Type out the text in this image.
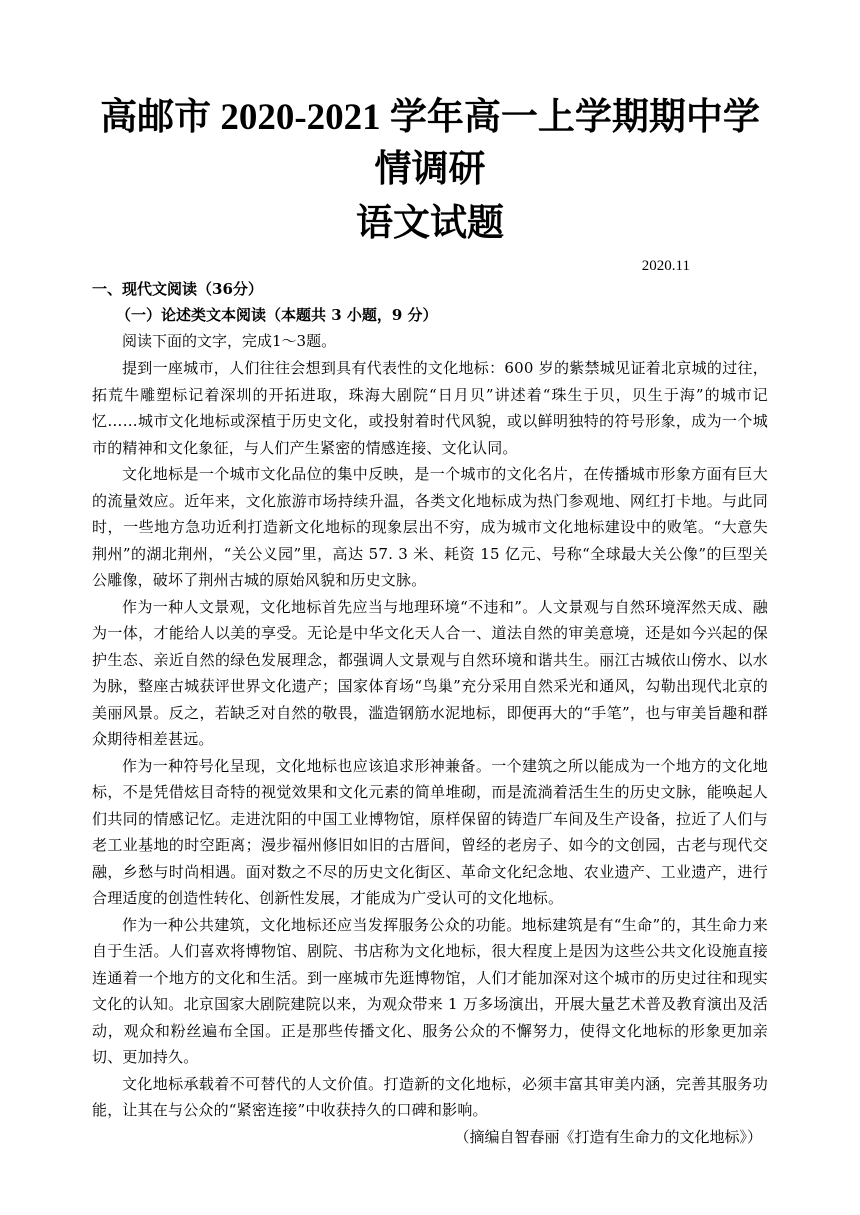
高邮市 2020-2021 学年高一上学期期中学
情调研
语文试题
2020.11

一、现代文阅读（36分）

（一）论述类文本阅读（本题共 3 小题，9 分）

阅读下面的文字，完成1～3题。

提到一座城市，人们往往会想到具有代表性的文化地标：600 岁的紫禁城见证着北京城的过往，拓荒牛雕塑标记着深圳的开拓进取，珠海大剧院“日月贝”讲述着“珠生于贝，贝生于海”的城市记忆……城市文化地标或深植于历史文化，或投射着时代风貌，或以鲜明独特的符号形象，成为一个城市的精神和文化象征，与人们产生紧密的情感连接、文化认同。

文化地标是一个城市文化品位的集中反映，是一个城市的文化名片，在传播城市形象方面有巨大的流量效应。近年来，文化旅游市场持续升温，各类文化地标成为热门参观地、网红打卡地。与此同时，一些地方急功近利打造新文化地标的现象层出不穷，成为城市文化地标建设中的败笔。“大意失荆州”的湖北荆州，“关公义园”里，高达 57. 3 米、耗资 15 亿元、号称“全球最大关公像”的巨型关公雕像，破坏了荆州古城的原始风貌和历史文脉。

作为一种人文景观，文化地标首先应当与地理环境“不违和”。人文景观与自然环境浑然天成、融为一体，才能给人以美的享受。无论是中华文化天人合一、道法自然的审美意境，还是如今兴起的保护生态、亲近自然的绿色发展理念，都强调人文景观与自然环境和谐共生。丽江古城依山傍水、以水为脉，整座古城获评世界文化遗产；国家体育场“鸟巢”充分采用自然采光和通风，勾勒出现代北京的美丽风景。反之，若缺乏对自然的敬畏，滥造钢筋水泥地标，即便再大的“手笔”，也与审美旨趣和群众期待相差甚远。

作为一种符号化呈现，文化地标也应该追求形神兼备。一个建筑之所以能成为一个地方的文化地标，不是凭借炫目奇特的视觉效果和文化元素的简单堆砌，而是流淌着活生生的历史文脉，能唤起人们共同的情感记忆。走进沈阳的中国工业博物馆，原样保留的铸造厂车间及生产设备，拉近了人们与老工业基地的时空距离；漫步福州修旧如旧的古厝间，曾经的老房子、如今的文创园，古老与现代交融，乡愁与时尚相遇。面对数之不尽的历史文化街区、革命文化纪念地、农业遗产、工业遗产，进行合理适度的创造性转化、创新性发展，才能成为广受认可的文化地标。

作为一种公共建筑，文化地标还应当发挥服务公众的功能。地标建筑是有“生命”的，其生命力来自于生活。人们喜欢将博物馆、剧院、书店称为文化地标，很大程度上是因为这些公共文化设施直接连通着一个地方的文化和生活。到一座城市先逛博物馆，人们才能加深对这个城市的历史过往和现实文化的认知。北京国家大剧院建院以来，为观众带来 1 万多场演出，开展大量艺术普及教育演出及活动，观众和粉丝遍布全国。正是那些传播文化、服务公众的不懈努力，使得文化地标的形象更加亲切、更加持久。

文化地标承载着不可替代的人文价值。打造新的文化地标，必须丰富其审美内涵，完善其服务功能，让其在与公众的“紧密连接”中收获持久的口碑和影响。

（摘编自智春丽《打造有生命力的文化地标》）
